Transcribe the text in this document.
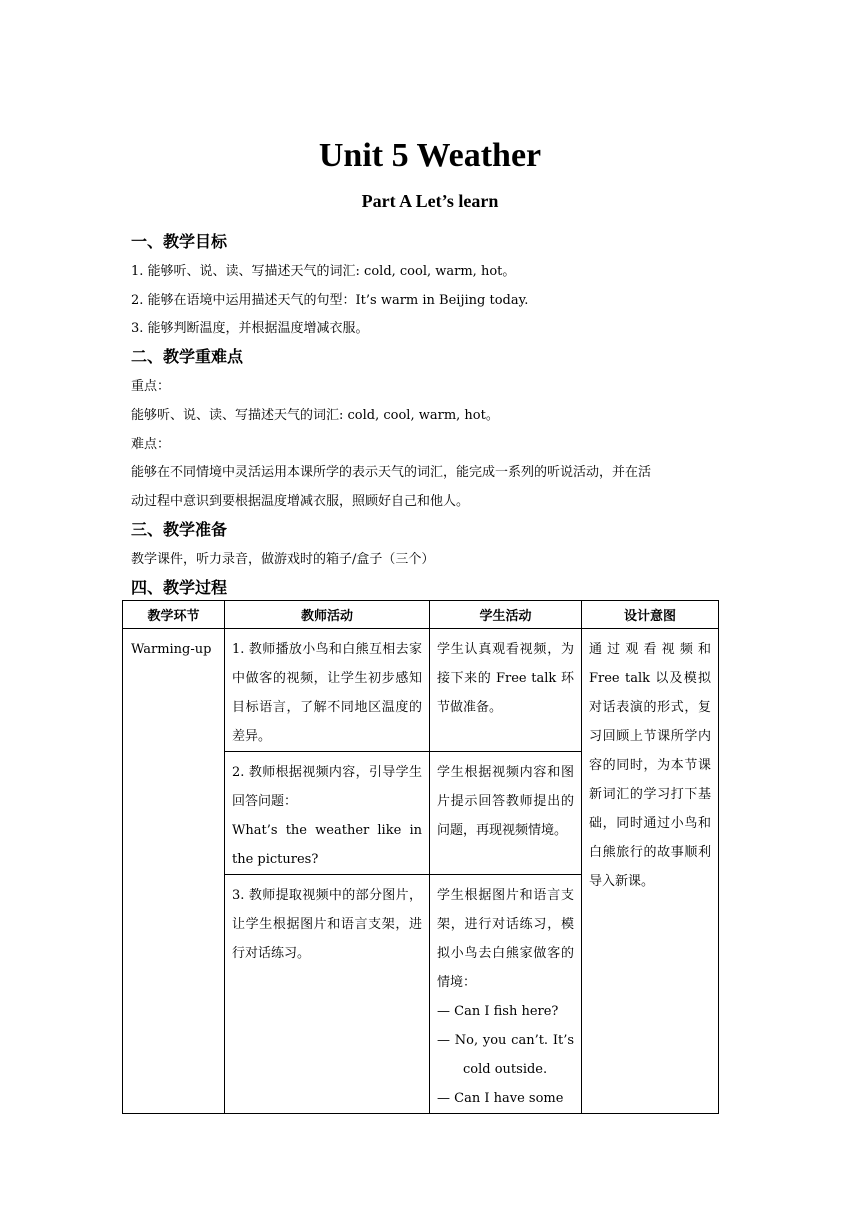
Unit 5 Weather
Part A Let’s learn
一、教学目标
1. 能够听、说、读、写描述天气的词汇: cold, cool, warm, hot。
2. 能够在语境中运用描述天气的句型：It’s warm in Beijing today.
3. 能够判断温度，并根据温度增减衣服。
二、教学重难点
重点：
能够听、说、读、写描述天气的词汇: cold, cool, warm, hot。
难点：
能够在不同情境中灵活运用本课所学的表示天气的词汇，能完成一系列的听说活动，并在活
动过程中意识到要根据温度增减衣服，照顾好自己和他人。
三、教学准备
教学课件，听力录音，做游戏时的箱子/盒子（三个）
四、教学过程
教学环节	教师活动	学生活动	设计意图

Warming-up	1. 教师播放小鸟和白熊互相去家中做客的视频，让学生初步感知目标语言，了解不同地区温度的差异。	学生认真观看视频，为接下来的 Free talk 环节做准备。	通过观看视频和 Free talk 以及模拟对话表演的形式，复习回顾上节课所学内容的同时，为本节课新词汇的学习打下基础，同时通过小鸟和白熊旅行的故事顺利导入新课。

	2. 教师根据视频内容，引导学生回答问题：
What’s the weather like in the pictures?	学生根据视频内容和图片提示回答教师提出的问题，再现视频情境。	

	3. 教师提取视频中的部分图片，让学生根据图片和语言支架，进行对话练习。	学生根据图片和语言支架，进行对话练习，模拟小鸟去白熊家做客的情境：
— Can I fish here?
— No, you can’t. It’s cold outside.
— Can I have some	
